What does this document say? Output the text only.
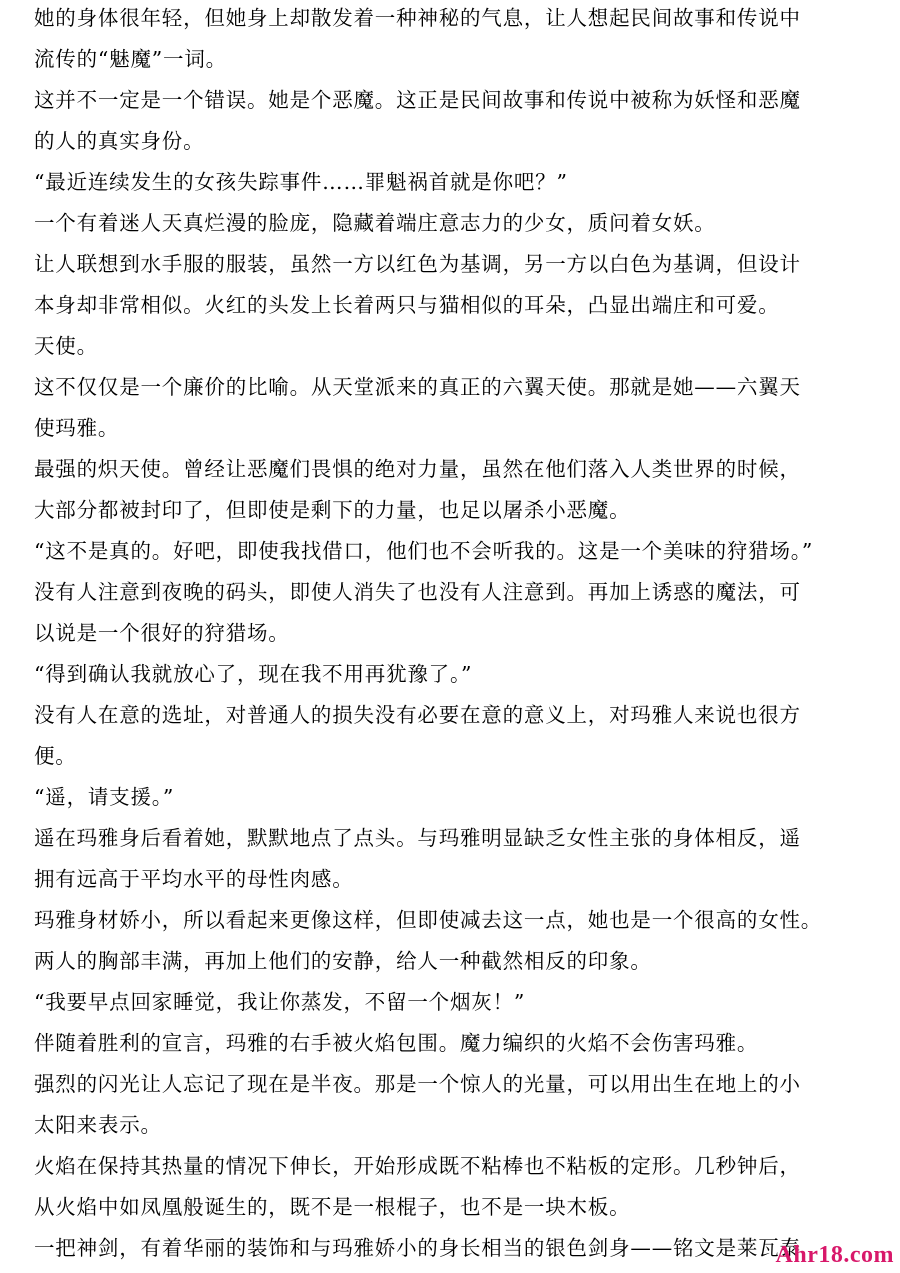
她的身体很年轻，但她身上却散发着一种神秘的气息，让人想起民间故事和传说中
流传的“魅魔”一词。
这并不一定是一个错误。她是个恶魔。这正是民间故事和传说中被称为妖怪和恶魔
的人的真实身份。
“最近连续发生的女孩失踪事件……罪魁祸首就是你吧？”
一个有着迷人天真烂漫的脸庞，隐藏着端庄意志力的少女，质问着女妖。
让人联想到水手服的服装，虽然一方以红色为基调，另一方以白色为基调，但设计
本身却非常相似。火红的头发上长着两只与猫相似的耳朵，凸显出端庄和可爱。
天使。
这不仅仅是一个廉价的比喻。从天堂派来的真正的六翼天使。那就是她——六翼天
使玛雅。
最强的炽天使。曾经让恶魔们畏惧的绝对力量，虽然在他们落入人类世界的时候，
大部分都被封印了，但即使是剩下的力量，也足以屠杀小恶魔。
“这不是真的。好吧，即使我找借口，他们也不会听我的。这是一个美味的狩猎场。”
没有人注意到夜晚的码头，即使人消失了也没有人注意到。再加上诱惑的魔法，可
以说是一个很好的狩猎场。
“得到确认我就放心了，现在我不用再犹豫了。”
没有人在意的选址，对普通人的损失没有必要在意的意义上，对玛雅人来说也很方
便。
“遥，请支援。”
遥在玛雅身后看着她，默默地点了点头。与玛雅明显缺乏女性主张的身体相反，遥
拥有远高于平均水平的母性肉感。
玛雅身材娇小，所以看起来更像这样，但即使减去这一点，她也是一个很高的女性。
两人的胸部丰满，再加上他们的安静，给人一种截然相反的印象。
“我要早点回家睡觉，我让你蒸发，不留一个烟灰！”
伴随着胜利的宣言，玛雅的右手被火焰包围。魔力编织的火焰不会伤害玛雅。
强烈的闪光让人忘记了现在是半夜。那是一个惊人的光量，可以用出生在地上的小
太阳来表示。
火焰在保持其热量的情况下伸长，开始形成既不粘棒也不粘板的定形。几秒钟后，
从火焰中如凤凰般诞生的，既不是一根棍子，也不是一块木板。
一把神剑，有着华丽的装饰和与玛雅娇小的身长相当的银色剑身——铭文是莱瓦泰
Ahr18.com
